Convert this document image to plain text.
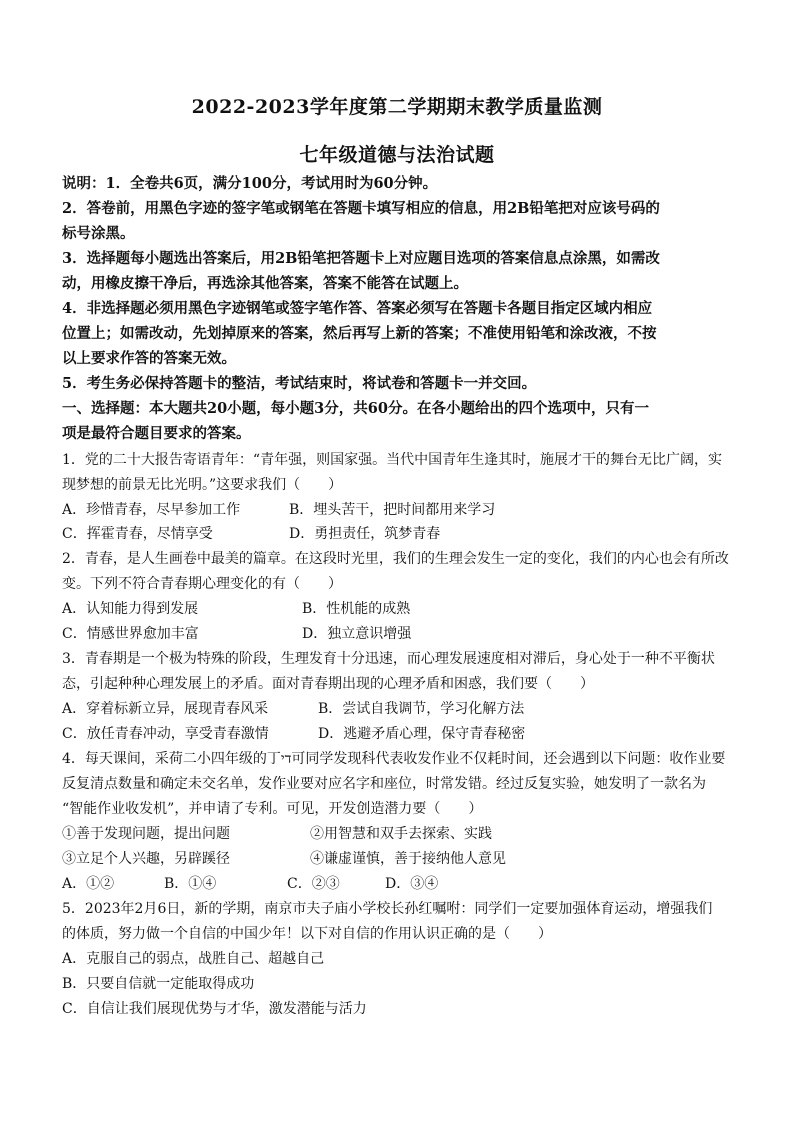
2022-2023学年度第二学期期末教学质量监测
七年级道德与法治试题
说明：1．全卷共6页，满分100分，考试用时为60分钟。
2．答卷前，用黑色字迹的签字笔或钢笔在答题卡填写相应的信息，用2B铅笔把对应该号码的
标号涂黑。
3．选择题每小题选出答案后，用2B铅笔把答题卡上对应题目选项的答案信息点涂黑，如需改
动，用橡皮擦干净后，再选涂其他答案，答案不能答在试题上。
4．非选择题必须用黑色字迹钢笔或签字笔作答、答案必须写在答题卡各题目指定区域内相应
位置上；如需改动，先划掉原来的答案，然后再写上新的答案；不准使用铅笔和涂改液，不按
以上要求作答的答案无效。
5．考生务必保持答题卡的整洁，考试结束时，将试卷和答题卡一并交回。
一、选择题：本大题共20小题，每小题3分，共60分。在各小题给出的四个选项中，只有一
项是最符合题目要求的答案。
1．党的二十大报告寄语青年：“青年强，则国家强。当代中国青年生逢其时，施展才干的舞台无比广阔，实
现梦想的前景无比光明。”这要求我们（　　）
A．珍惜青春，尽早参加工作	B．埋头苦干，把时间都用来学习
C．挥霍青春，尽情享受	D．勇担责任，筑梦青春
2．青春，是人生画卷中最美的篇章。在这段时光里，我们的生理会发生一定的变化，我们的内心也会有所改
变。下列不符合青春期心理变化的有（　　）
A．认知能力得到发展	B．性机能的成熟
C．情感世界愈加丰富	D．独立意识增强
3．青春期是一个极为特殊的阶段，生理发育十分迅速，而心理发展速度相对滞后，身心处于一种不平衡状
态，引起种种心理发展上的矛盾。面对青春期出现的心理矛盾和困惑，我们要（　　）
A．穿着标新立异，展现青春风采	B．尝试自我调节，学习化解方法
C．放任青春冲动，享受青春激情	D．逃避矛盾心理，保守青春秘密
4．每天课间，采荷二小四年级的丁די可同学发现科代表收发作业不仅耗时间，还会遇到以下问题：收作业要
反复清点数量和确定未交名单，发作业要对应名字和座位，时常发错。经过反复实验，她发明了一款名为
“智能作业收发机”，并申请了专利。可见，开发创造潜力要（　　）
①善于发现问题，提出问题	②用智慧和双手去探索、实践
③立足个人兴趣，另辟蹊径	④谦虚谨慎，善于接纳他人意见
A．①②	B．①④	C．②③	D．③④
5．2023年2月6日，新的学期，南京市夫子庙小学校长孙红嘱咐：同学们一定要加强体育运动，增强我们
的体质，努力做一个自信的中国少年！以下对自信的作用认识正确的是（　　）
A．克服自己的弱点，战胜自己、超越自己
B．只要自信就一定能取得成功
C．自信让我们展现优势与才华，激发潜能与活力
